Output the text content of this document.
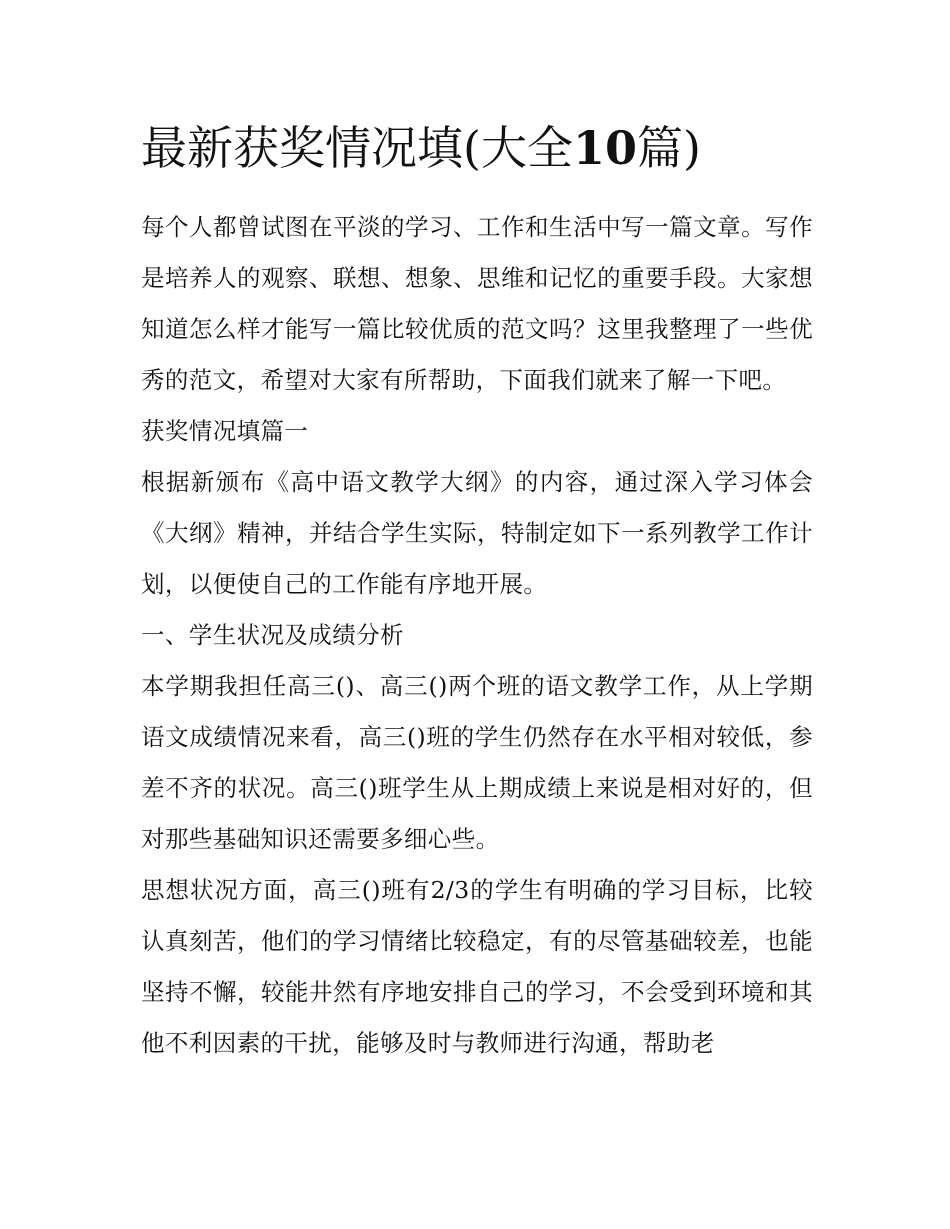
最新获奖情况填(大全10篇)

每个人都曾试图在平淡的学习、工作和生活中写一篇文章。写作是培养人的观察、联想、想象、思维和记忆的重要手段。大家想知道怎么样才能写一篇比较优质的范文吗？这里我整理了一些优秀的范文，希望对大家有所帮助，下面我们就来了解一下吧。

获奖情况填篇一

根据新颁布《高中语文教学大纲》的内容，通过深入学习体会《大纲》精神，并结合学生实际，特制定如下一系列教学工作计划，以便使自己的工作能有序地开展。

一、学生状况及成绩分析

本学期我担任高三()、高三()两个班的语文教学工作，从上学期语文成绩情况来看，高三()班的学生仍然存在水平相对较低，参差不齐的状况。高三()班学生从上期成绩上来说是相对好的，但对那些基础知识还需要多细心些。

思想状况方面，高三()班有2/3的学生有明确的学习目标，比较认真刻苦，他们的学习情绪比较稳定，有的尽管基础较差，也能坚持不懈，较能井然有序地安排自己的学习，不会受到环境和其他不利因素的干扰，能够及时与教师进行沟通，帮助老
